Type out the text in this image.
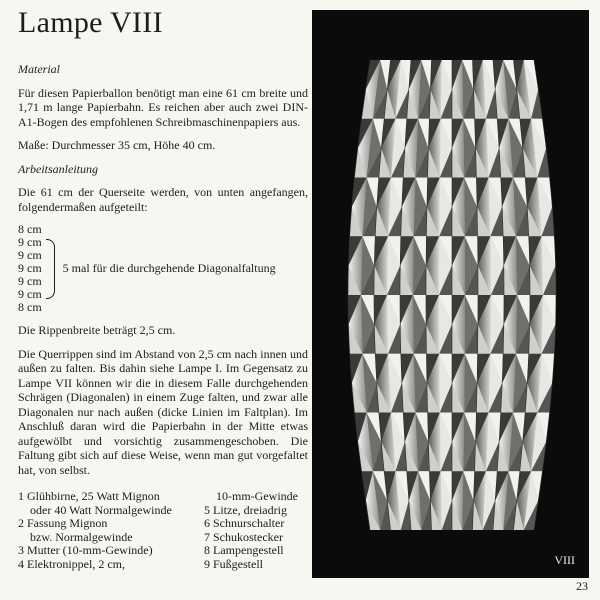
Lampe VIII

Material

Für diesen Papierballon benötigt man eine 61 cm breite und 1,71 m lange Papierbahn. Es reichen aber auch zwei DIN-A1-Bogen des empfohlenen Schreibmaschinenpapiers aus.

Maße: Durchmesser 35 cm, Höhe 40 cm.

Arbeitsanleitung

Die 61 cm der Querseite werden, von unten angefangen, folgendermaßen aufgeteilt:

8 cm
9 cm
9 cm
9 cm
9 cm
9 cm
8 cm
5 mal für die durchgehende Diagonalfaltung

Die Rippenbreite beträgt 2,5 cm.

Die Querrippen sind im Abstand von 2,5 cm nach innen und außen zu falten. Bis dahin siehe Lampe I. Im Gegensatz zu Lampe VII können wir die in diesem Falle durchgehenden Schrägen (Diagonalen) in einem Zuge falten, und zwar alle Diagonalen nur nach außen (dicke Linien im Faltplan). Im Anschluß daran wird die Papierbahn in der Mitte etwas aufgewölbt und vorsichtig zusammengeschoben. Die Faltung gibt sich auf diese Weise, wenn man gut vorgefaltet hat, von selbst.

1 Glühbirne, 25 Watt Mignon
oder 40 Watt Normalgewinde
2 Fassung Mignon
bzw. Normalgewinde
3 Mutter (10-mm-Gewinde)
4 Elektronippel, 2 cm,
10-mm-Gewinde
5 Litze, dreiadrig
6 Schnurschalter
7 Schukostecker
8 Lampengestell
9 Fußgestell	VIII
23
